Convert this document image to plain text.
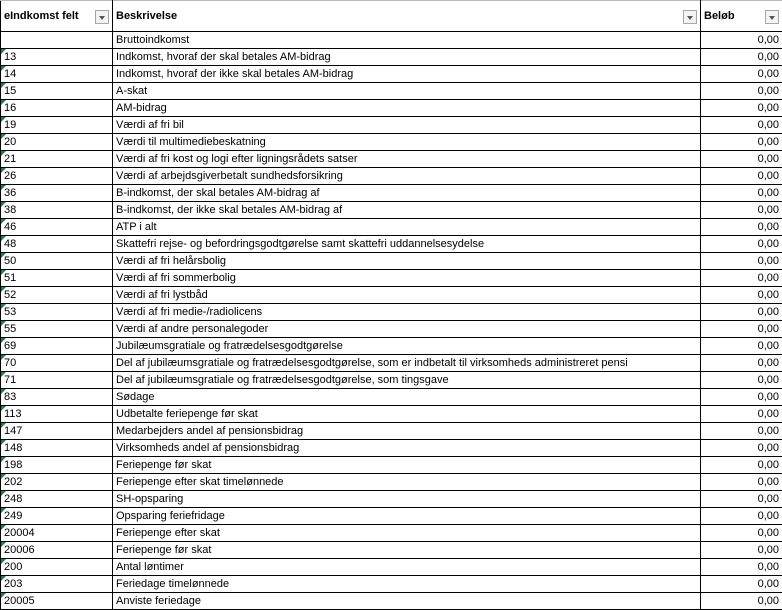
eIndkomst felt	Beskrivelse	Beløb

	Bruttoindkomst	0,00

13	Indkomst, hvoraf der skal betales AM-bidrag	0,00

14	Indkomst, hvoraf der ikke skal betales AM-bidrag	0,00

15	A-skat	0,00

16	AM-bidrag	0,00

19	Værdi af fri bil	0,00

20	Værdi til multimediebeskatning	0,00

21	Værdi af fri kost og logi efter ligningsrådets satser	0,00

26	Værdi af arbejdsgiverbetalt sundhedsforsikring	0,00

36	B-indkomst, der skal betales AM-bidrag af	0,00

38	B-indkomst, der ikke skal betales AM-bidrag af	0,00

46	ATP i alt	0,00

48	Skattefri rejse- og befordringsgodtgørelse samt skattefri uddannelsesydelse	0,00

50	Værdi af fri helårsbolig	0,00

51	Værdi af fri sommerbolig	0,00

52	Værdi af fri lystbåd	0,00

53	Værdi af fri medie-/radiolicens	0,00

55	Værdi af andre personalegoder	0,00

69	Jubilæumsgratiale og fratrædelsesgodtgørelse	0,00

70	Del af jubilæumsgratiale og fratrædelsesgodtgørelse, som er indbetalt til virksomheds administreret pensi	0,00

71	Del af jubilæumsgratiale og fratrædelsesgodtgørelse, som tingsgave	0,00

83	Sødage	0,00

113	Udbetalte feriepenge før skat	0,00

147	Medarbejders andel af pensionsbidrag	0,00

148	Virksomheds andel af pensionsbidrag	0,00

198	Feriepenge før skat	0,00

202	Feriepenge efter skat timelønnede	0,00

248	SH-opsparing	0,00

249	Opsparing feriefridage	0,00

20004	Feriepenge efter skat	0,00

20006	Feriepenge før skat	0,00

200	Antal løntimer	0,00

203	Feriedage timelønnede	0,00

20005	Anviste feriedage	0,00
